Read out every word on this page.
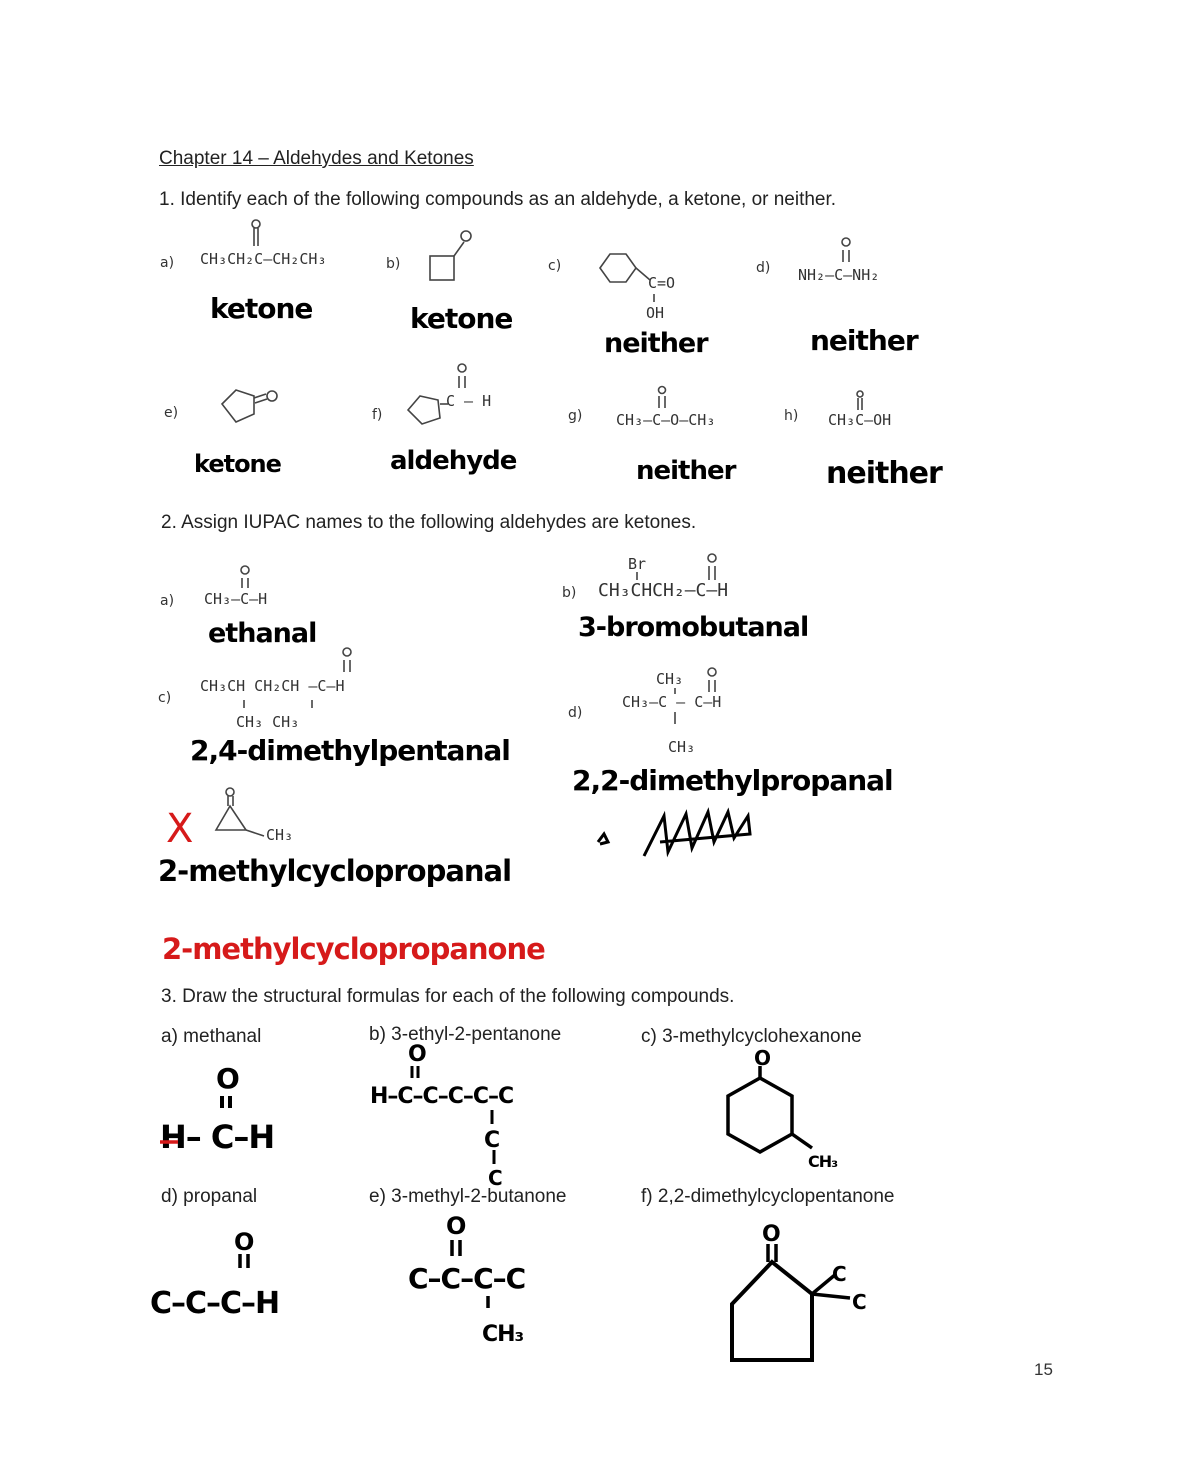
Chapter 14 – Aldehydes and Ketones
1. Identify each of the following compounds as an aldehyde, a ketone, or neither.
a) CH₃CH₂C–CH₂CH₃
ketone
b)
ketone
c)
C=O
OH
neither
d) NH₂–C–NH₂
neither
e)
ketone
f)
C – H
aldehyde
g) CH₃–C–O–CH₃
neither
h) CH₃C–OH
neither
2. Assign IUPAC names to the following aldehydes are ketones.
a) CH₃–C–H
ethanal
b)
Br
CH₃CHCH₂–C–H
3-bromobutanal
c)
CH₃CH CH₂CH –C–H
CH₃ CH₃
2,4-dimethylpentanal
d)
CH₃
CH₃–C – C–H
CH₃
2,2-dimethylpropanal
X	CH₃
2-methylcyclopropanal
2-methylcyclopropanone
3. Draw the structural formulas for each of the following compounds.
a) methanal
O
H– C–H
b) 3-ethyl-2-pentanone
O
H–C–C–C–C–C
C
C
c) 3-methylcyclohexanone
O
CH₃
d) propanal
O
C–C–C–H
e) 3-methyl-2-butanone
O
C–C–C–C
CH₃
f) 2,2-dimethylcyclopentanone
O
C
C
15
